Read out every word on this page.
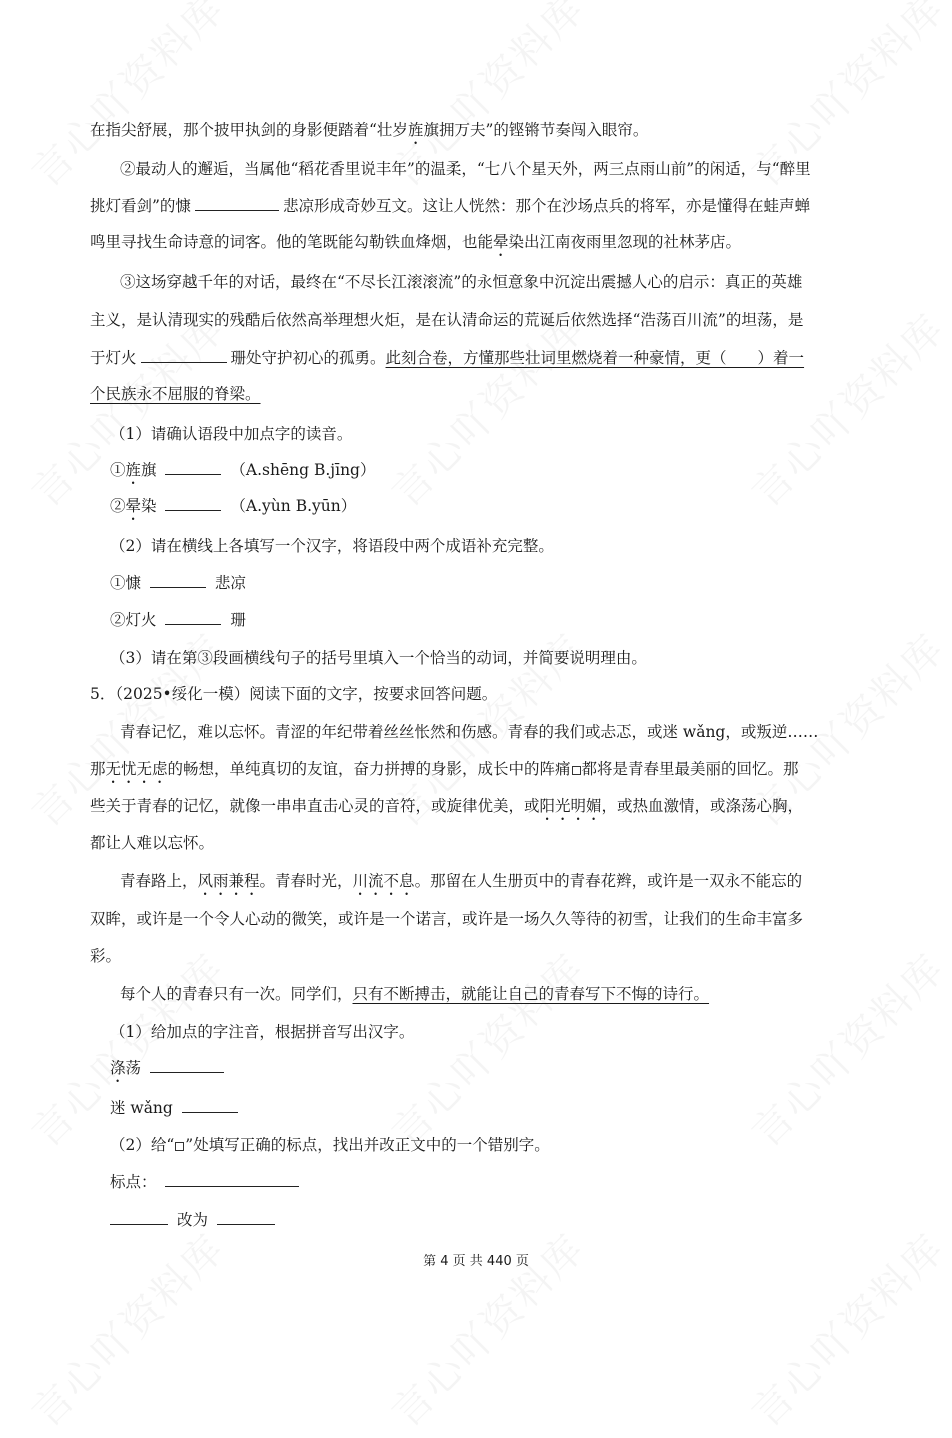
在指尖舒展，那个披甲执剑的身影便踏着“壮岁旌旗拥万夫”的铿锵节奏闯入眼帘。
②最动人的邂逅，当属他“稻花香里说丰年”的温柔，“七八个星天外，两三点雨山前”的闲适，与“醉里
挑灯看剑”的慷	悲凉形成奇妙互文。这让人恍然：那个在沙场点兵的将军，亦是懂得在蛙声蝉
鸣里寻找生命诗意的词客。他的笔既能勾勒铁血烽烟，也能晕染出江南夜雨里忽现的社林茅店。
③这场穿越千年的对话，最终在“不尽长江滚滚流”的永恒意象中沉淀出震撼人心的启示：真正的英雄
主义，是认清现实的残酷后依然高举理想火炬，是在认清命运的荒诞后依然选择“浩荡百川流”的坦荡，是
于灯火	珊处守护初心的孤勇。此刻合卷，方懂那些壮词里燃烧着一种豪情，更（　　）着一
个民族永不屈服的脊梁。
（1）请确认语段中加点字的读音。
①旌旗	（A.shēng B.jīng）
②晕染	（A.yùn B.yūn）
（2）请在横线上各填写一个汉字，将语段中两个成语补充完整。
①慷	悲凉
②灯火	珊
（3）请在第③段画横线句子的括号里填入一个恰当的动词，并简要说明理由。
5．（2025•绥化一模）阅读下面的文字，按要求回答问题。
青春记忆，难以忘怀。青涩的年纪带着丝丝怅然和伤感。青春的我们或忐忑，或迷 wǎng，或叛逆……
那无忧无虑的畅想，单纯真切的友谊，奋力拼搏的身影，成长中的阵痛 都将是青春里最美丽的回忆。那
些关于青春的记忆，就像一串串直击心灵的音符，或旋律优美，或阳光明媚，或热血激情，或涤荡心胸，
都让人难以忘怀。
青春路上，风雨兼程。青春时光，川流不息。那留在人生册页中的青春花辫，或许是一双永不能忘的
双眸，或许是一个令人心动的微笑，或许是一个诺言，或许是一场久久等待的初雪，让我们的生命丰富多
彩。
每个人的青春只有一次。同学们，只有不断搏击，就能让自己的青春写下不悔的诗行。
（1）给加点的字注音，根据拼音写出汉字。
涤荡
迷 wǎng
（2）给“ ”处填写正确的标点，找出并改正文中的一个错别字。
标点：
改为
第 4 页 共 440 页
